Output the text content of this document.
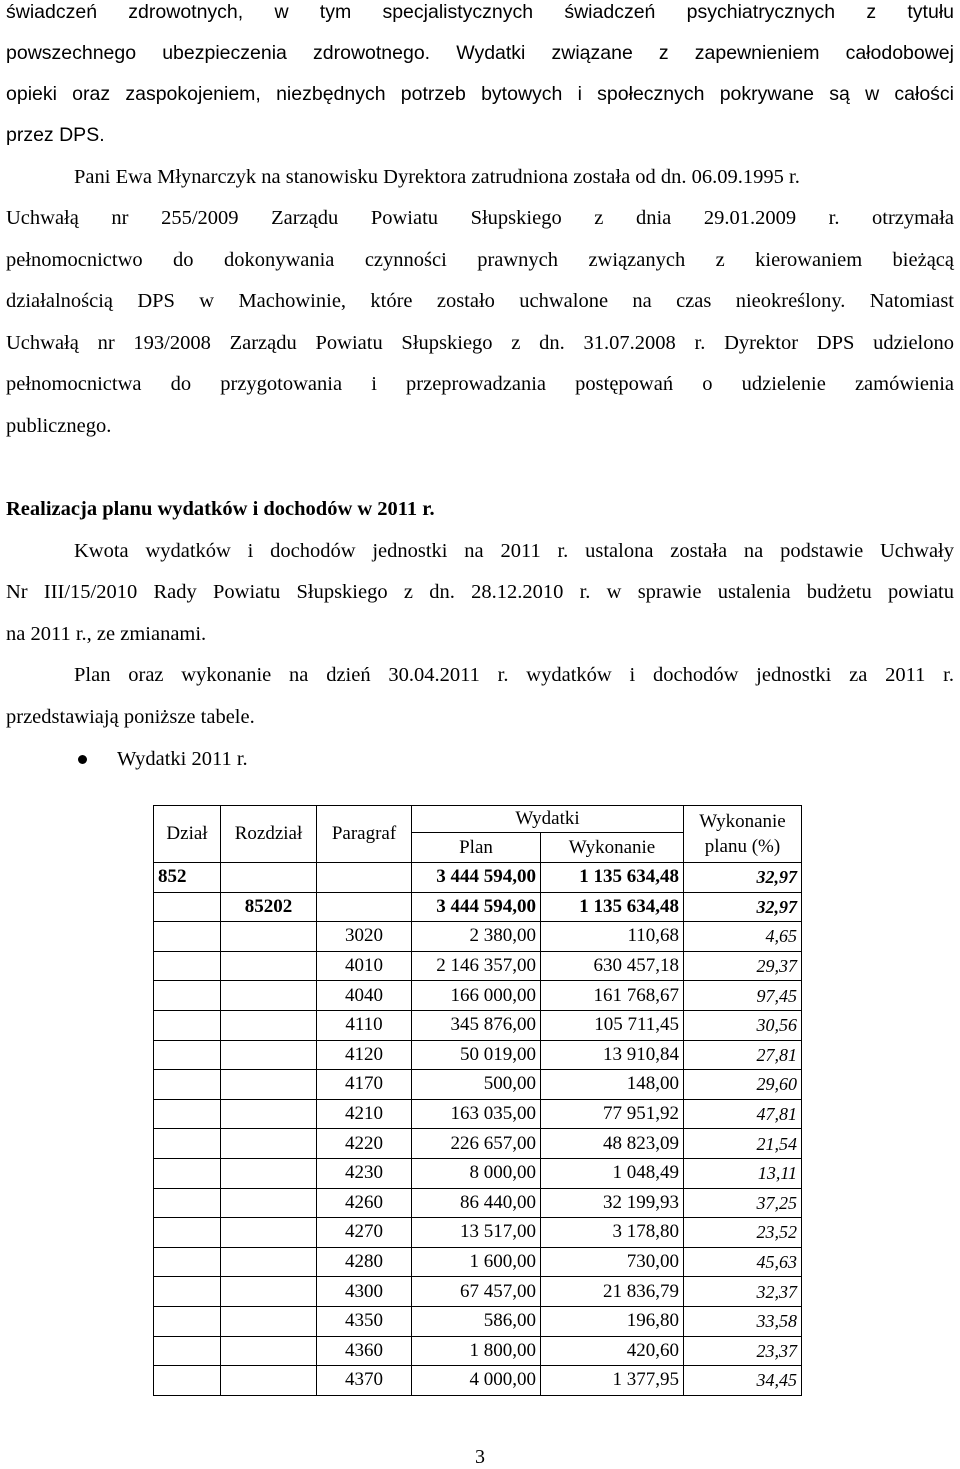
świadczeń zdrowotnych, w tym specjalistycznych świadczeń psychiatrycznych z tytułu
powszechnego ubezpieczenia zdrowotnego. Wydatki związane z zapewnieniem całodobowej
opieki oraz zaspokojeniem, niezbędnych potrzeb bytowych i społecznych pokrywane są w całości
przez DPS.
Pani Ewa Młynarczyk na stanowisku Dyrektora zatrudniona została od dn. 06.09.1995 r.
Uchwałą nr 255/2009 Zarządu Powiatu Słupskiego z dnia 29.01.2009 r. otrzymała
pełnomocnictwo do dokonywania czynności prawnych związanych z kierowaniem bieżącą
działalnością DPS w Machowinie, które zostało uchwalone na czas nieokreślony. Natomiast
Uchwałą nr 193/2008 Zarządu Powiatu Słupskiego z dn. 31.07.2008 r. Dyrektor DPS udzielono
pełnomocnictwa do przygotowania i przeprowadzania postępowań o udzielenie zamówienia
publicznego.
Realizacja planu wydatków i dochodów w 2011 r.
Kwota wydatków i dochodów jednostki na 2011 r. ustalona została na podstawie Uchwały
Nr III/15/2010 Rady Powiatu Słupskiego z dn. 28.12.2010 r. w sprawie ustalenia budżetu powiatu
na 2011 r., ze zmianami.
Plan oraz wykonanie na dzień 30.04.2011 r. wydatków i dochodów jednostki za 2011 r.
przedstawiają poniższe tabele.
Wydatki 2011 r.
Dział	Rozdział	Paragraf	Wydatki		Wykonanie planu (%)
			Plan	Wykonanie	
852			3 444 594,00	1 135 634,48	32,97
	85202		3 444 594,00	1 135 634,48	32,97
		3020	2 380,00	110,68	4,65
		4010	2 146 357,00	630 457,18	29,37
		4040	166 000,00	161 768,67	97,45
		4110	345 876,00	105 711,45	30,56
		4120	50 019,00	13 910,84	27,81
		4170	500,00	148,00	29,60
		4210	163 035,00	77 951,92	47,81
		4220	226 657,00	48 823,09	21,54
		4230	8 000,00	1 048,49	13,11
		4260	86 440,00	32 199,93	37,25
		4270	13 517,00	3 178,80	23,52
		4280	1 600,00	730,00	45,63
		4300	67 457,00	21 836,79	32,37
		4350	586,00	196,80	33,58
		4360	1 800,00	420,60	23,37
		4370	4 000,00	1 377,95	34,45
3
